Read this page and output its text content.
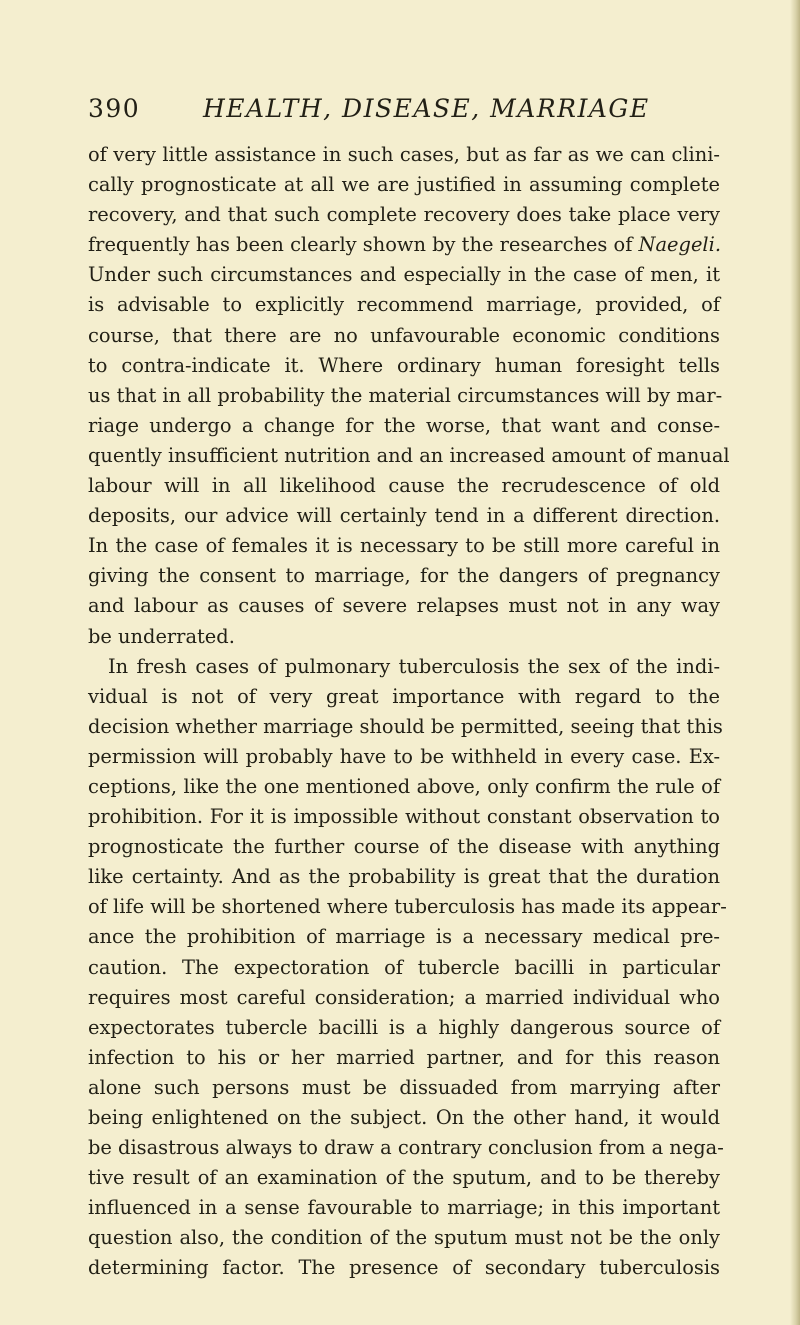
390	HEALTH, DISEASE, MARRIAGE
of very little assistance in such cases, but as far as we can clini-
cally prognosticate at all we are justified in assuming complete
recovery, and that such complete recovery does take place very
frequently has been clearly shown by the researches of Naegeli.
Under such circumstances and especially in the case of men, it
is advisable to explicitly recommend marriage, provided, of
course, that there are no unfavourable economic conditions
to contra-indicate it. Where ordinary human foresight tells
us that in all probability the material circumstances will by mar-
riage undergo a change for the worse, that want and conse-
quently insufficient nutrition and an increased amount of manual
labour will in all likelihood cause the recrudescence of old
deposits, our advice will certainly tend in a different direction.
In the case of females it is necessary to be still more careful in
giving the consent to marriage, for the dangers of pregnancy
and labour as causes of severe relapses must not in any way
be underrated.
In fresh cases of pulmonary tuberculosis the sex of the indi-
vidual is not of very great importance with regard to the
decision whether marriage should be permitted, seeing that this
permission will probably have to be withheld in every case. Ex-
ceptions, like the one mentioned above, only confirm the rule of
prohibition. For it is impossible without constant observation to
prognosticate the further course of the disease with anything
like certainty. And as the probability is great that the duration
of life will be shortened where tuberculosis has made its appear-
ance the prohibition of marriage is a necessary medical pre-
caution. The expectoration of tubercle bacilli in particular
requires most careful consideration; a married individual who
expectorates tubercle bacilli is a highly dangerous source of
infection to his or her married partner, and for this reason
alone such persons must be dissuaded from marrying after
being enlightened on the subject. On the other hand, it would
be disastrous always to draw a contrary conclusion from a nega-
tive result of an examination of the sputum, and to be thereby
influenced in a sense favourable to marriage; in this important
question also, the condition of the sputum must not be the only
determining factor. The presence of secondary tuberculosis
